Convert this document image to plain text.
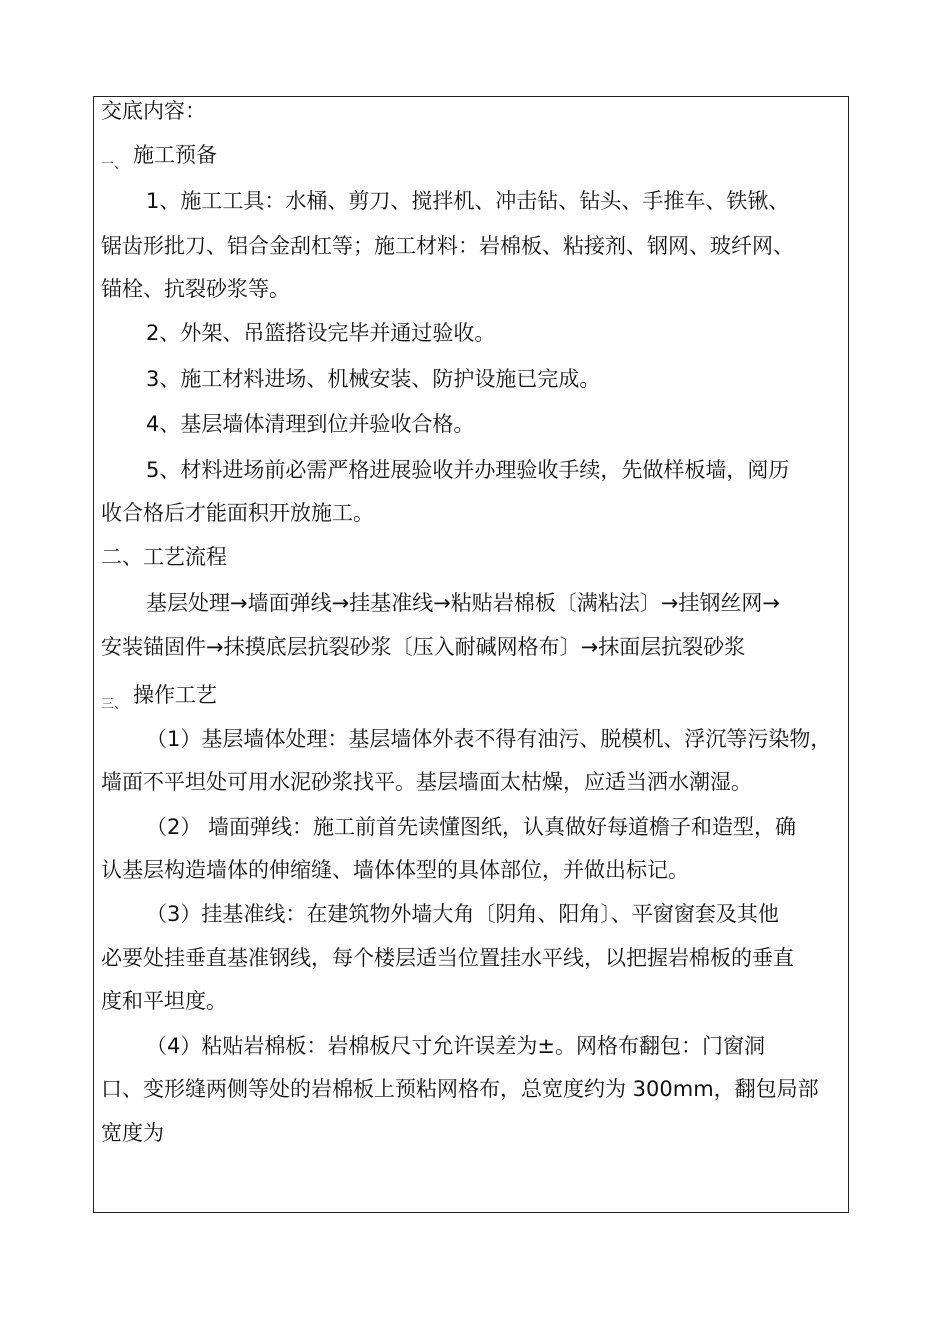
交底内容：
一、 施工预备
1、施工工具：水桶、剪刀、搅拌机、冲击钻、钻头、手推车、铁锹、
锯齿形批刀、铝合金刮杠等；施工材料：岩棉板、粘接剂、钢网、玻纤网、
锚栓、抗裂砂浆等。
2、外架、吊篮搭设完毕并通过验收。
3、施工材料进场、机械安装、防护设施已完成。
4、基层墙体清理到位并验收合格。
5、材料进场前必需严格进展验收并办理验收手续，先做样板墙，阅历
收合格后才能面积开放施工。
二、工艺流程
基层处理→墙面弹线→挂基准线→粘贴岩棉板〔满粘法〕→挂钢丝网→
安装锚固件→抹摸底层抗裂砂浆〔压入耐碱网格布〕→抹面层抗裂砂浆
三、 操作工艺
（1）基层墙体处理：基层墙体外表不得有油污、脱模机、浮沉等污染物，
墙面不平坦处可用水泥砂浆找平。基层墙面太枯燥，应适当洒水潮湿。
（2） 墙面弹线：施工前首先读懂图纸，认真做好每道檐子和造型，确
认基层构造墙体的伸缩缝、墙体体型的具体部位，并做出标记。
（3）挂基准线：在建筑物外墙大角〔阴角、阳角〕、平窗窗套及其他
必要处挂垂直基准钢线，每个楼层适当位置挂水平线，以把握岩棉板的垂直
度和平坦度。
（4）粘贴岩棉板：岩棉板尺寸允许误差为±。网格布翻包：门窗洞
口、变形缝两侧等处的岩棉板上预粘网格布，总宽度约为 300mm，翻包局部
宽度为
